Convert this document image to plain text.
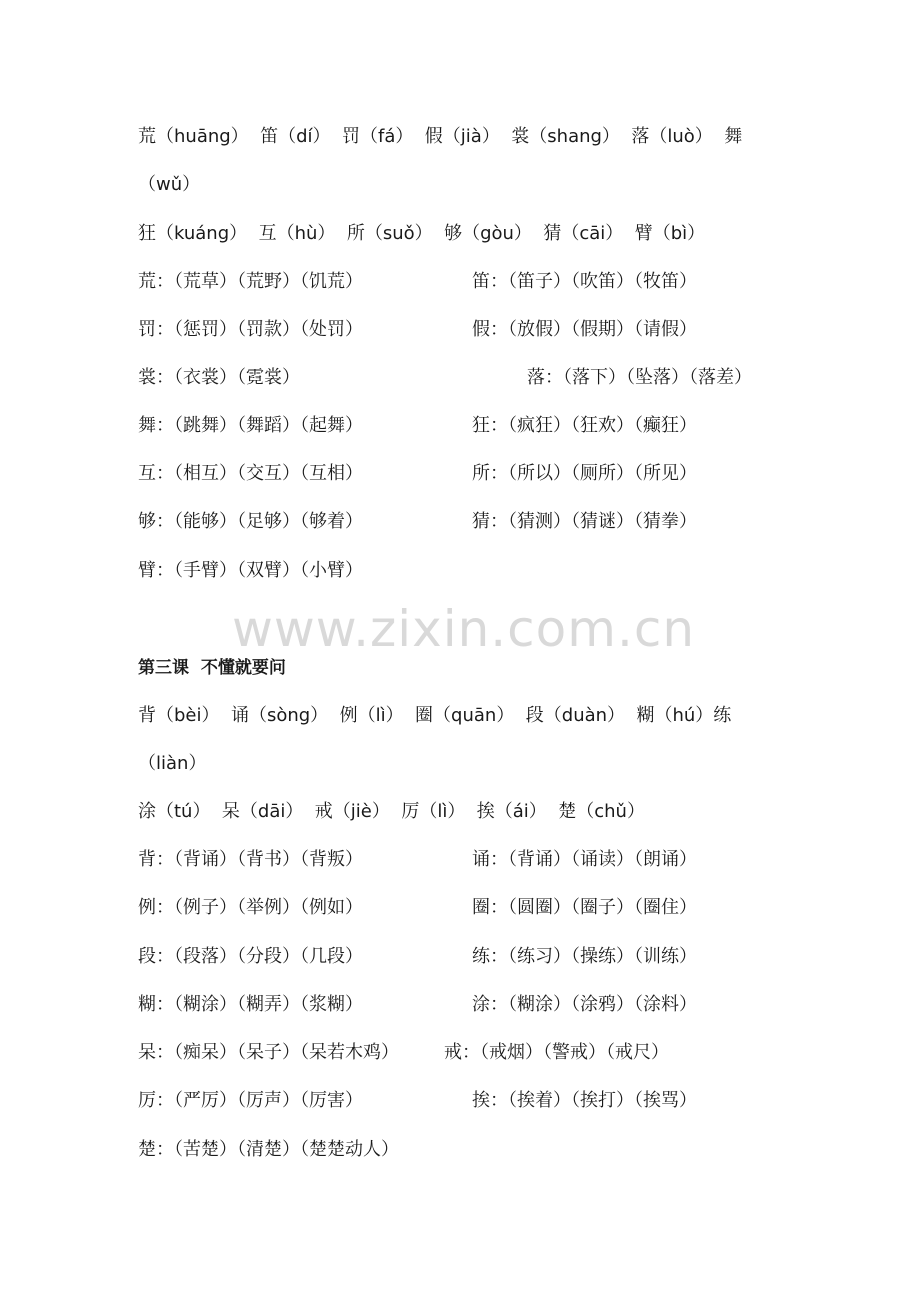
荒（huāng）  笛（dí）  罚（fá）  假（jià）  裳（shang）  落（luò）  舞
（wǔ）
狂（kuáng）  互（hù）  所（suǒ）  够（gòu）  猜（cāi）  臂（bì）
荒：（荒草）（荒野）（饥荒）	笛：（笛子）（吹笛）（牧笛）
罚：（惩罚）（罚款）（处罚）	假：（放假）（假期）（请假）
裳：（衣裳）（霓裳）	落：（落下）（坠落）（落差）
舞：（跳舞）（舞蹈）（起舞）	狂：（疯狂）（狂欢）（癫狂）
互：（相互）（交互）（互相）	所：（所以）（厕所）（所见）
够：（能够）（足够）（够着）	猜：（猜测）（猜谜）（猜拳）
臂：（手臂）（双臂）（小臂）
www.zixin.com.cn
第三课  不懂就要问
背（bèi）  诵（sòng）  例（lì）  圈（quān）  段（duàn）  糊（hú）练
（liàn）
涂（tú）  呆（dāi）  戒（jiè）  厉（lì）  挨（ái）  楚（chǔ）
背：（背诵）（背书）（背叛）	诵：（背诵）（诵读）（朗诵）
例：（例子）（举例）（例如）	圈：（圆圈）（圈子）（圈住）
段：（段落）（分段）（几段）	练：（练习）（操练）（训练）
糊：（糊涂）（糊弄）（浆糊）	涂：（糊涂）（涂鸦）（涂料）
呆：（痴呆）（呆子）（呆若木鸡）	戒：（戒烟）（警戒）（戒尺）
厉：（严厉）（厉声）（厉害）	挨：（挨着）（挨打）（挨骂）
楚：（苦楚）（清楚）（楚楚动人）
